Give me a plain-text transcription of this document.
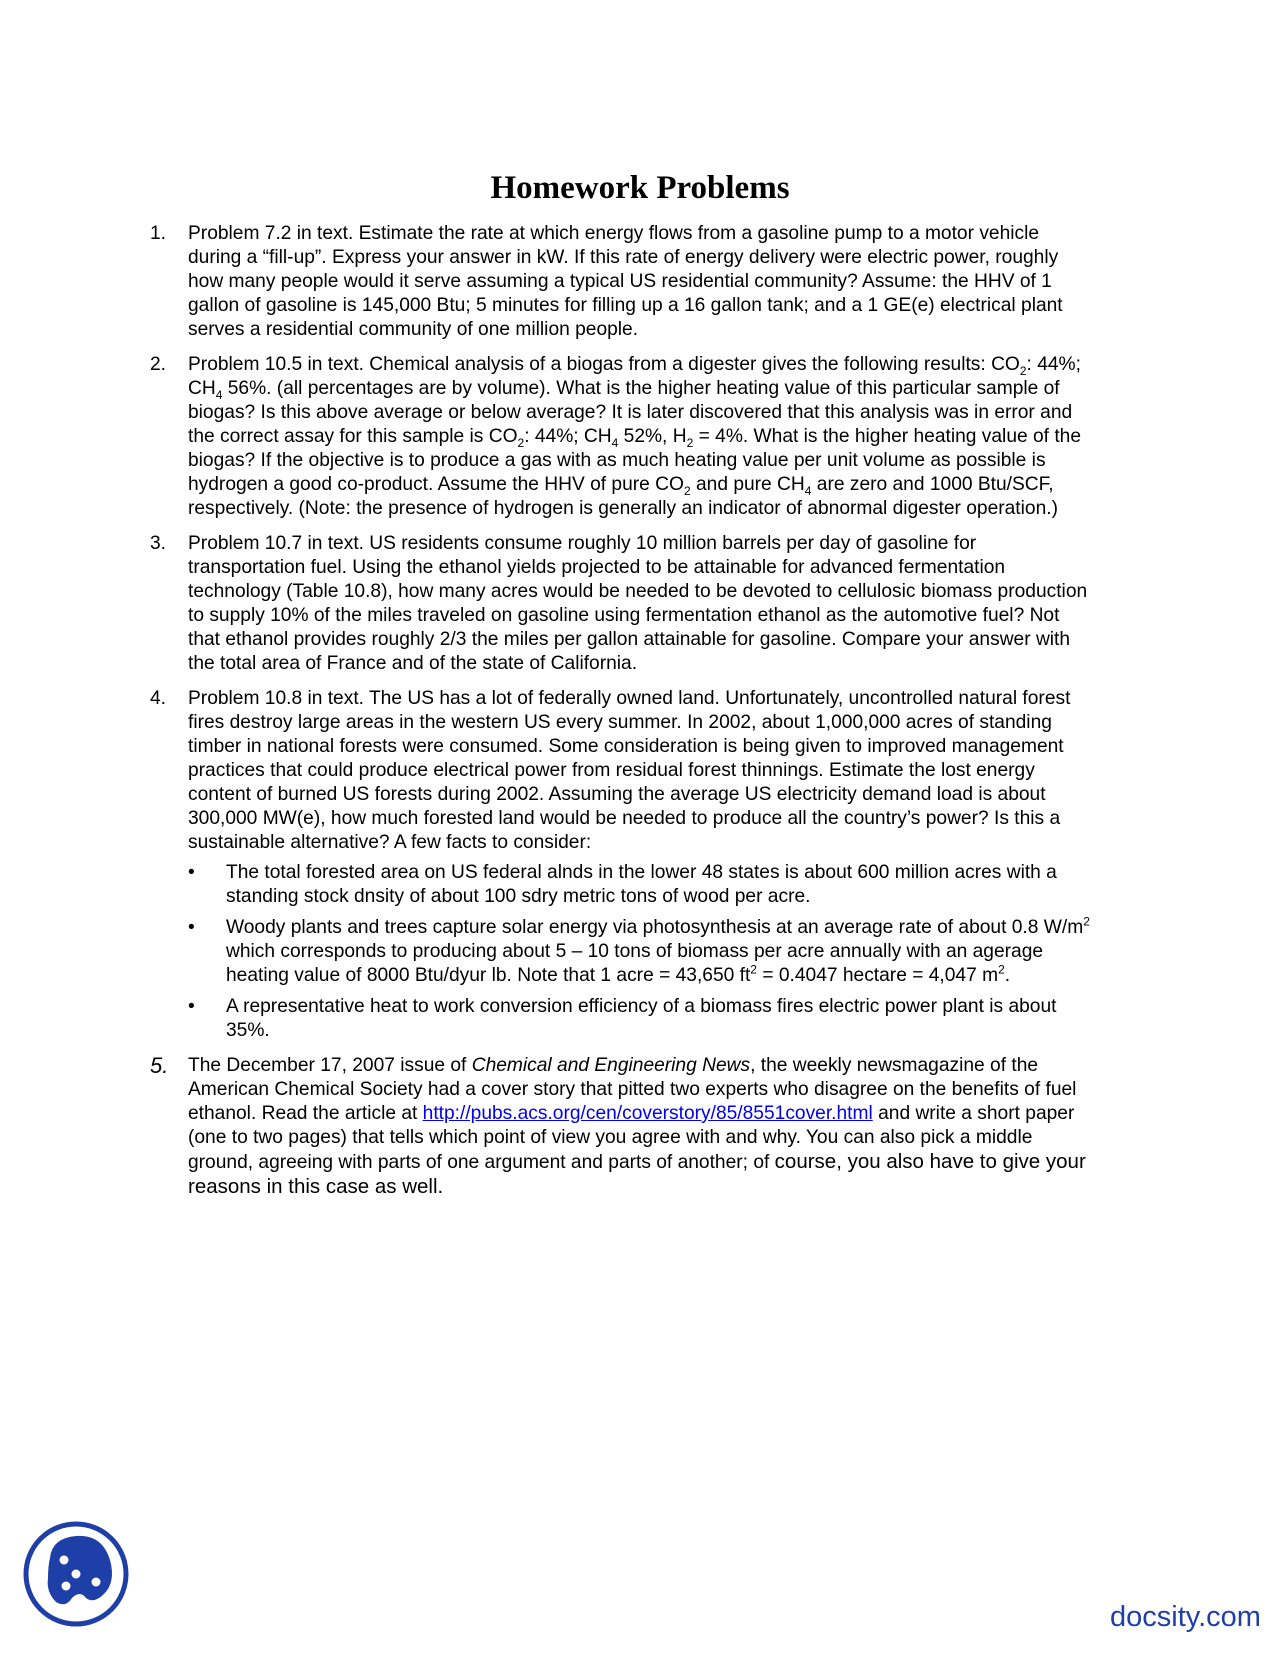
Homework Problems
1. Problem 7.2 in text. Estimate the rate at which energy flows from a gasoline pump to a motor vehicle during a “fill-up”. Express your answer in kW. If this rate of energy delivery were electric power, roughly how many people would it serve assuming a typical US residential community? Assume: the HHV of 1 gallon of gasoline is 145,000 Btu; 5 minutes for filling up a 16 gallon tank; and a 1 GE(e) electrical plant serves a residential community of one million people.

2. Problem 10.5 in text. Chemical analysis of a biogas from a digester gives the following results: $CO_2$: 44%; $CH_4$ 56%. (all percentages are by volume). What is the higher heating value of this particular sample of biogas? Is this above average or below average? It is later discovered that this analysis was in error and the correct assay for this sample is $CO_2$: 44%; $CH_4$ 52%, $H_2 = 4\%$. What is the higher heating value of the biogas? If the objective is to produce a gas with as much heating value per unit volume as possible is hydrogen a good co-product. Assume the HHV of pure $CO_2$ and pure $CH_4$ are zero and 1000 Btu/SCF, respectively. (Note: the presence of hydrogen is generally an indicator of abnormal digester operation.)

3. Problem 10.7 in text. US residents consume roughly 10 million barrels per day of gasoline for transportation fuel. Using the ethanol yields projected to be attainable for advanced fermentation technology (Table 10.8), how many acres would be needed to be devoted to cellulosic biomass production to supply 10% of the miles traveled on gasoline using fermentation ethanol as the automotive fuel? Not that ethanol provides roughly 2/3 the miles per gallon attainable for gasoline. Compare your answer with the total area of France and of the state of California.

4. Problem 10.8 in text. The US has a lot of federally owned land. Unfortunately, uncontrolled natural forest fires destroy large areas in the western US every summer. In 2002, about 1,000,000 acres of standing timber in national forests were consumed. Some consideration is being given to improved management practices that could produce electrical power from residual forest thinnings. Estimate the lost energy content of burned US forests during 2002. Assuming the average US electricity demand load is about 300,000 MW(e), how much forested land would be needed to produce all the country’s power? Is this a sustainable alternative? A few facts to consider:

• The total forested area on US federal alnds in the lower 48 states is about 600 million acres with a standing stock dnsity of about 100 sdry metric tons of wood per acre.
• Woody plants and trees capture solar energy via photosynthesis at an average rate of about 0.8 $W/m^2$ which corresponds to producing about 5 – 10 tons of biomass per acre annually with an agerage heating value of 8000 Btu/dyur lb. Note that 1 acre = 43,650 $ft^2 = 0.4047$ hectare = 4,047 $m^2$.
• A representative heat to work conversion efficiency of a biomass fires electric power plant is about 35%.
5. The December 17, 2007 issue of Chemical and Engineering News, the weekly newsmagazine of the American Chemical Society had a cover story that pitted two experts who disagree on the benefits of fuel ethanol. Read the article at http://pubs.acs.org/cen/coverstory/85/8551cover.html and write a short paper (one to two pages) that tells which point of view you agree with and why. You can also pick a middle ground, agreeing with parts of one argument and parts of another; of course, you also have to give your reasons in this case as well.

docsity.com
